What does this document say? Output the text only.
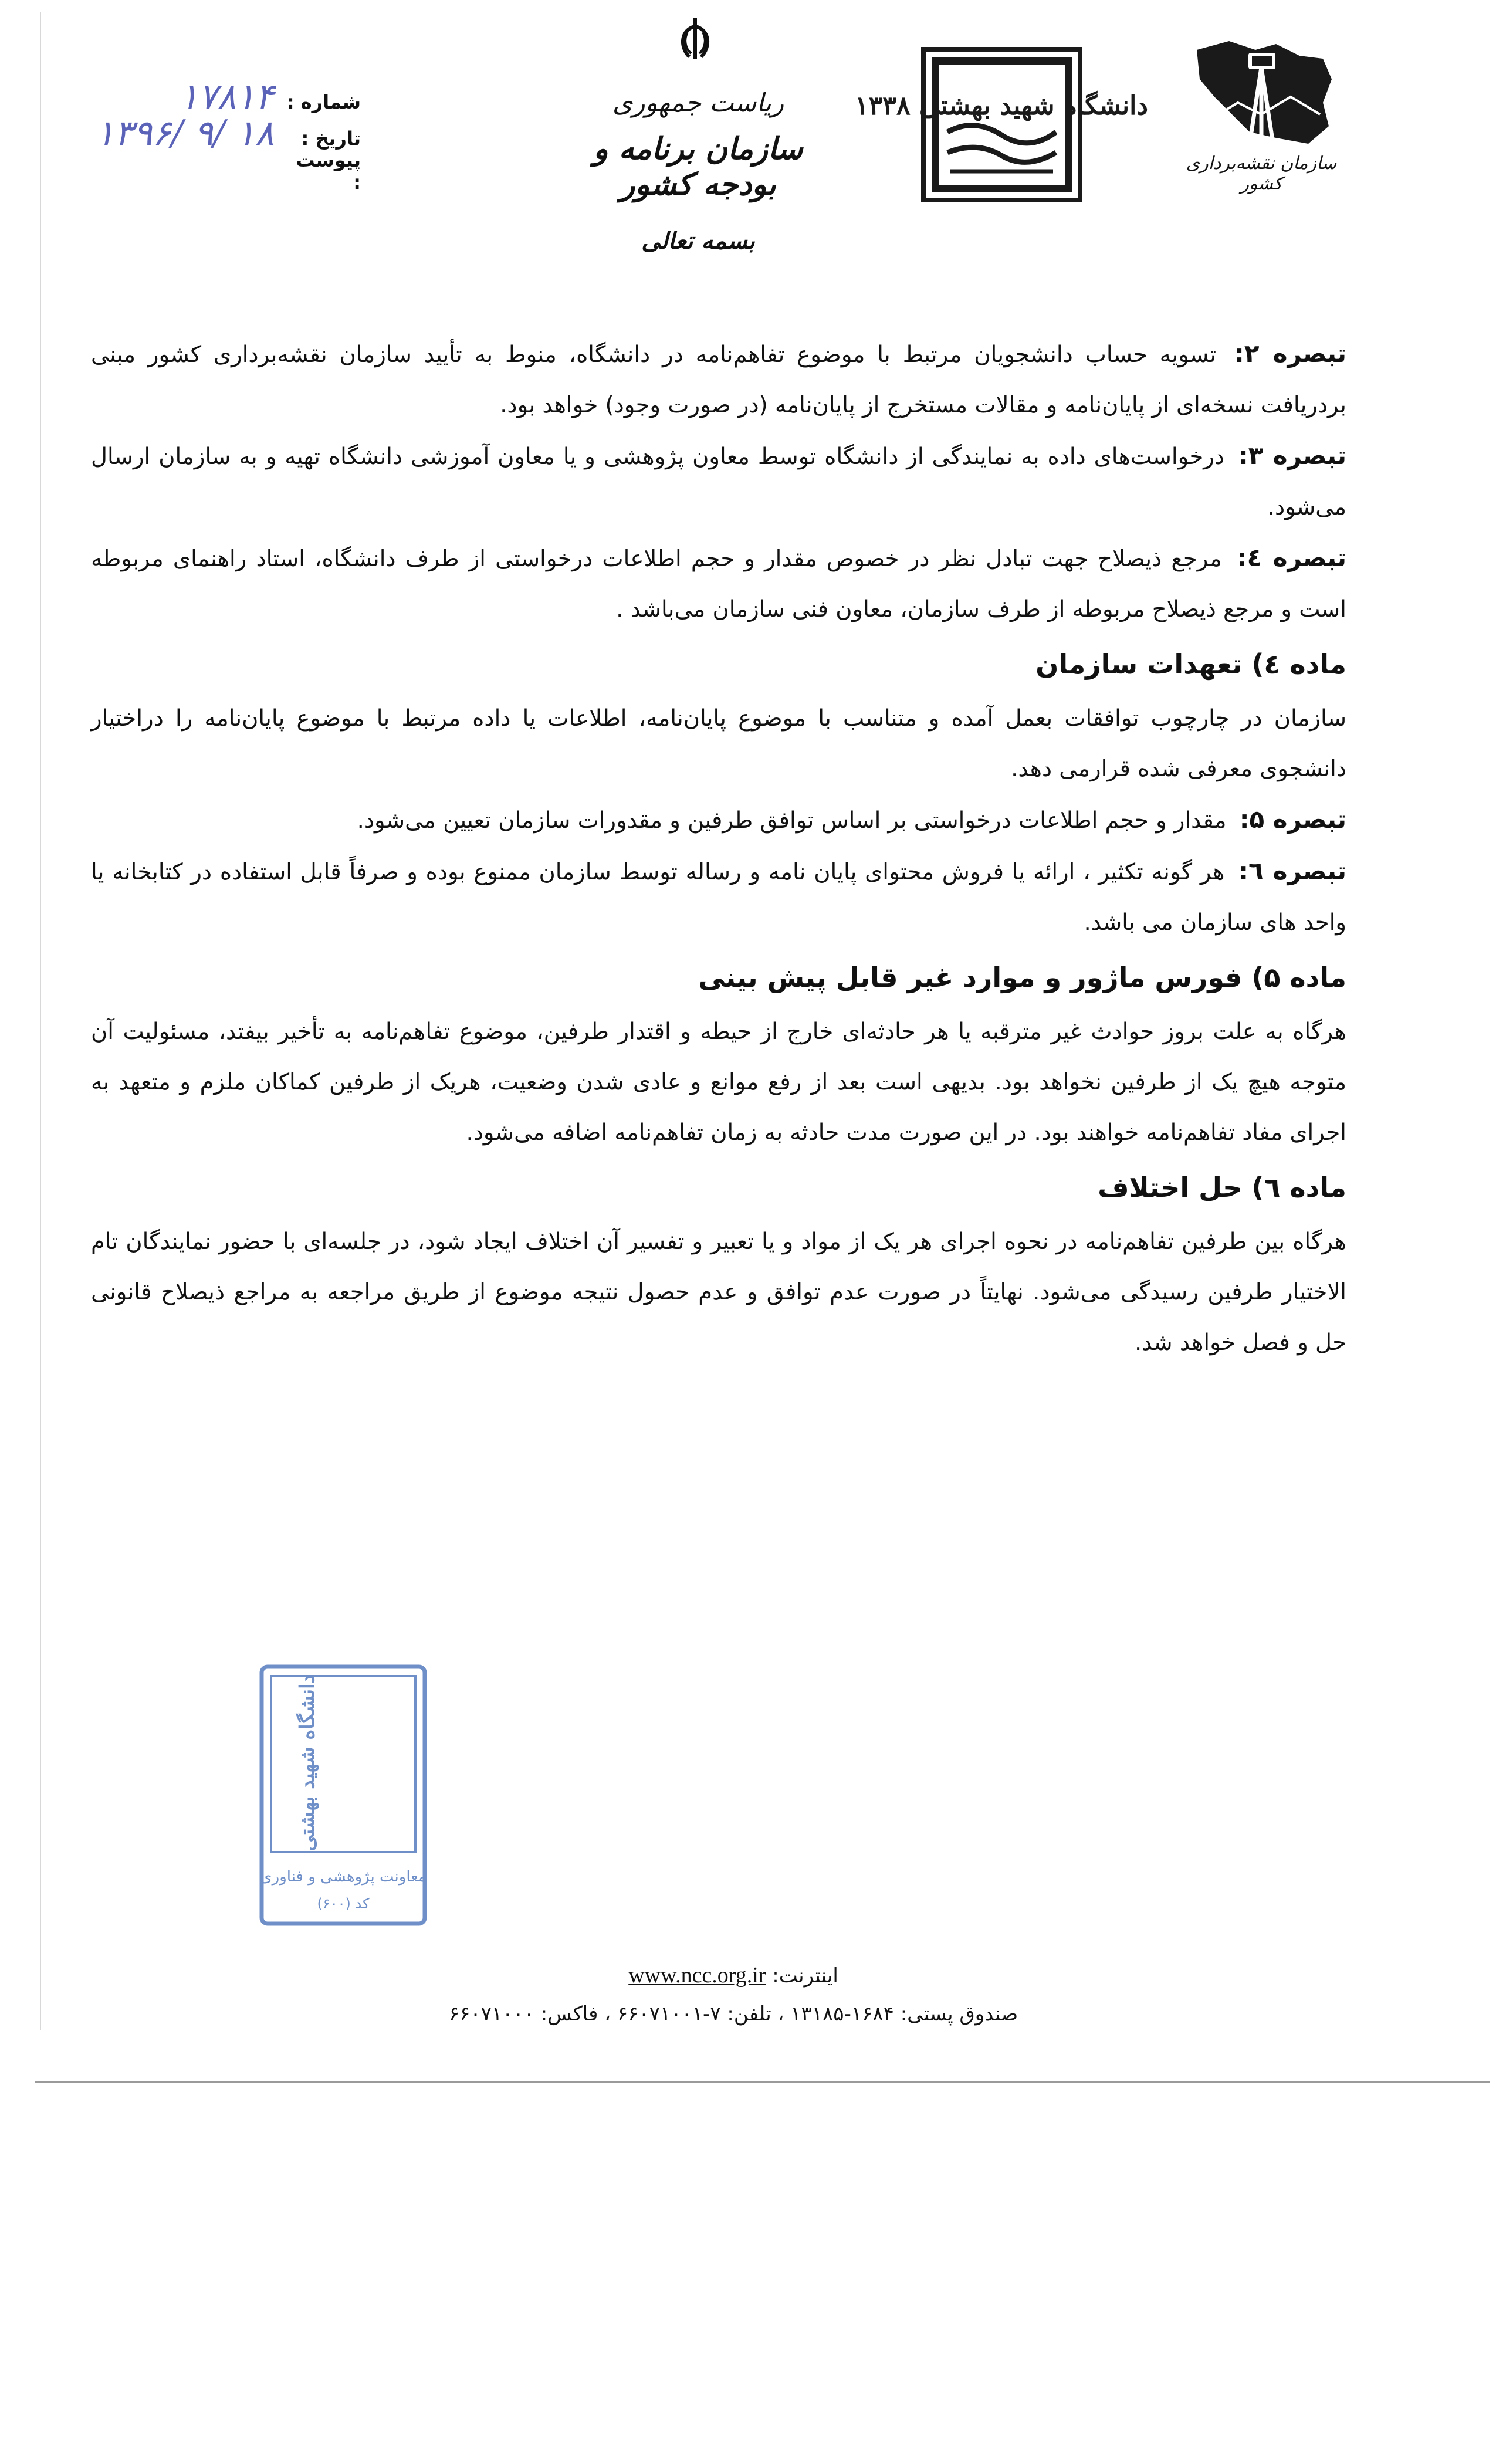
سازمان نقشه‌برداری کشور
دانشگاه شهید بهشتی ۱۳۳۸
ریاست جمهوری
سازمان برنامه و بودجه کشور
بسمه تعالی
شماره :
۱۷۸۱۴
تاریخ :
۱۳۹۶/ ۹/ ۱۸
پیوست :

تبصره ۲: تسویه حساب دانشجویان مرتبط با موضوع تفاهم‌نامه در دانشگاه، منوط به تأیید سازمان نقشه‌برداری کشور مبنی بردریافت نسخه‌ای از پایان‌نامه و مقالات مستخرج از پایان‌نامه (در صورت وجود) خواهد بود.

تبصره ۳: درخواست‌های داده به نمایندگی از دانشگاه توسط معاون پژوهشی و یا معاون آموزشی دانشگاه تهیه و به سازمان ارسال می‌شود.

تبصره ٤: مرجع ذیصلاح جهت تبادل نظر در خصوص مقدار و حجم اطلاعات درخواستی از طرف دانشگاه، استاد راهنمای مربوطه است و مرجع ذیصلاح مربوطه از طرف سازمان، معاون فنی سازمان می‌باشد .

ماده ٤) تعهدات سازمان

سازمان در چارچوب توافقات بعمل آمده و متناسب با موضوع پایان‌نامه، اطلاعات یا داده مرتبط با موضوع پایان‌نامه را دراختیار دانشجوی معرفی شده قرارمی دهد.

تبصره ۵: مقدار و حجم اطلاعات درخواستی بر اساس توافق طرفین و مقدورات سازمان تعیین می‌شود.

تبصره ٦: هر گونه تکثیر ، ارائه یا فروش محتوای پایان نامه و رساله توسط سازمان ممنوع بوده و صرفاً قابل استفاده در کتابخانه یا واحد های سازمان می باشد.

ماده ۵) فورس ماژور و موارد غیر قابل پیش بینی

هرگاه به علت بروز حوادث غیر مترقبه یا هر حادثه‌ای خارج از حیطه و اقتدار طرفین، موضوع تفاهم‌نامه به تأخیر بیفتد، مسئولیت آن متوجه هیچ یک از طرفین نخواهد بود. بدیهی است بعد از رفع موانع و عادی شدن وضعیت، هریک از طرفین کماکان ملزم و متعهد به اجرای مفاد تفاهم‌نامه خواهند بود. در این صورت مدت حادثه به زمان تفاهم‌نامه اضافه می‌شود.

ماده ٦) حل اختلاف

هرگاه بین طرفین تفاهم‌نامه در نحوه اجرای هر یک از مواد و یا تعبیر و تفسیر آن اختلاف ایجاد شود، در جلسه‌ای با حضور نمایندگان تام الاختیار طرفین رسیدگی می‌شود. نهایتاً در صورت عدم توافق و عدم حصول نتیجه موضوع از طریق مراجعه به مراجع ذیصلاح قانونی حل و فصل خواهد شد.

دانشگاه شهید بهشتی
معاونت پژوهشی و فناوری
کد (۶۰۰)
اینترنت: www.ncc.org.ir
صندوق پستی: ۱۶۸۴-۱۳۱۸۵ ، تلفن: ۷-۶۶۰۷۱۰۰۱ ، فاکس: ۶۶۰۷۱۰۰۰
